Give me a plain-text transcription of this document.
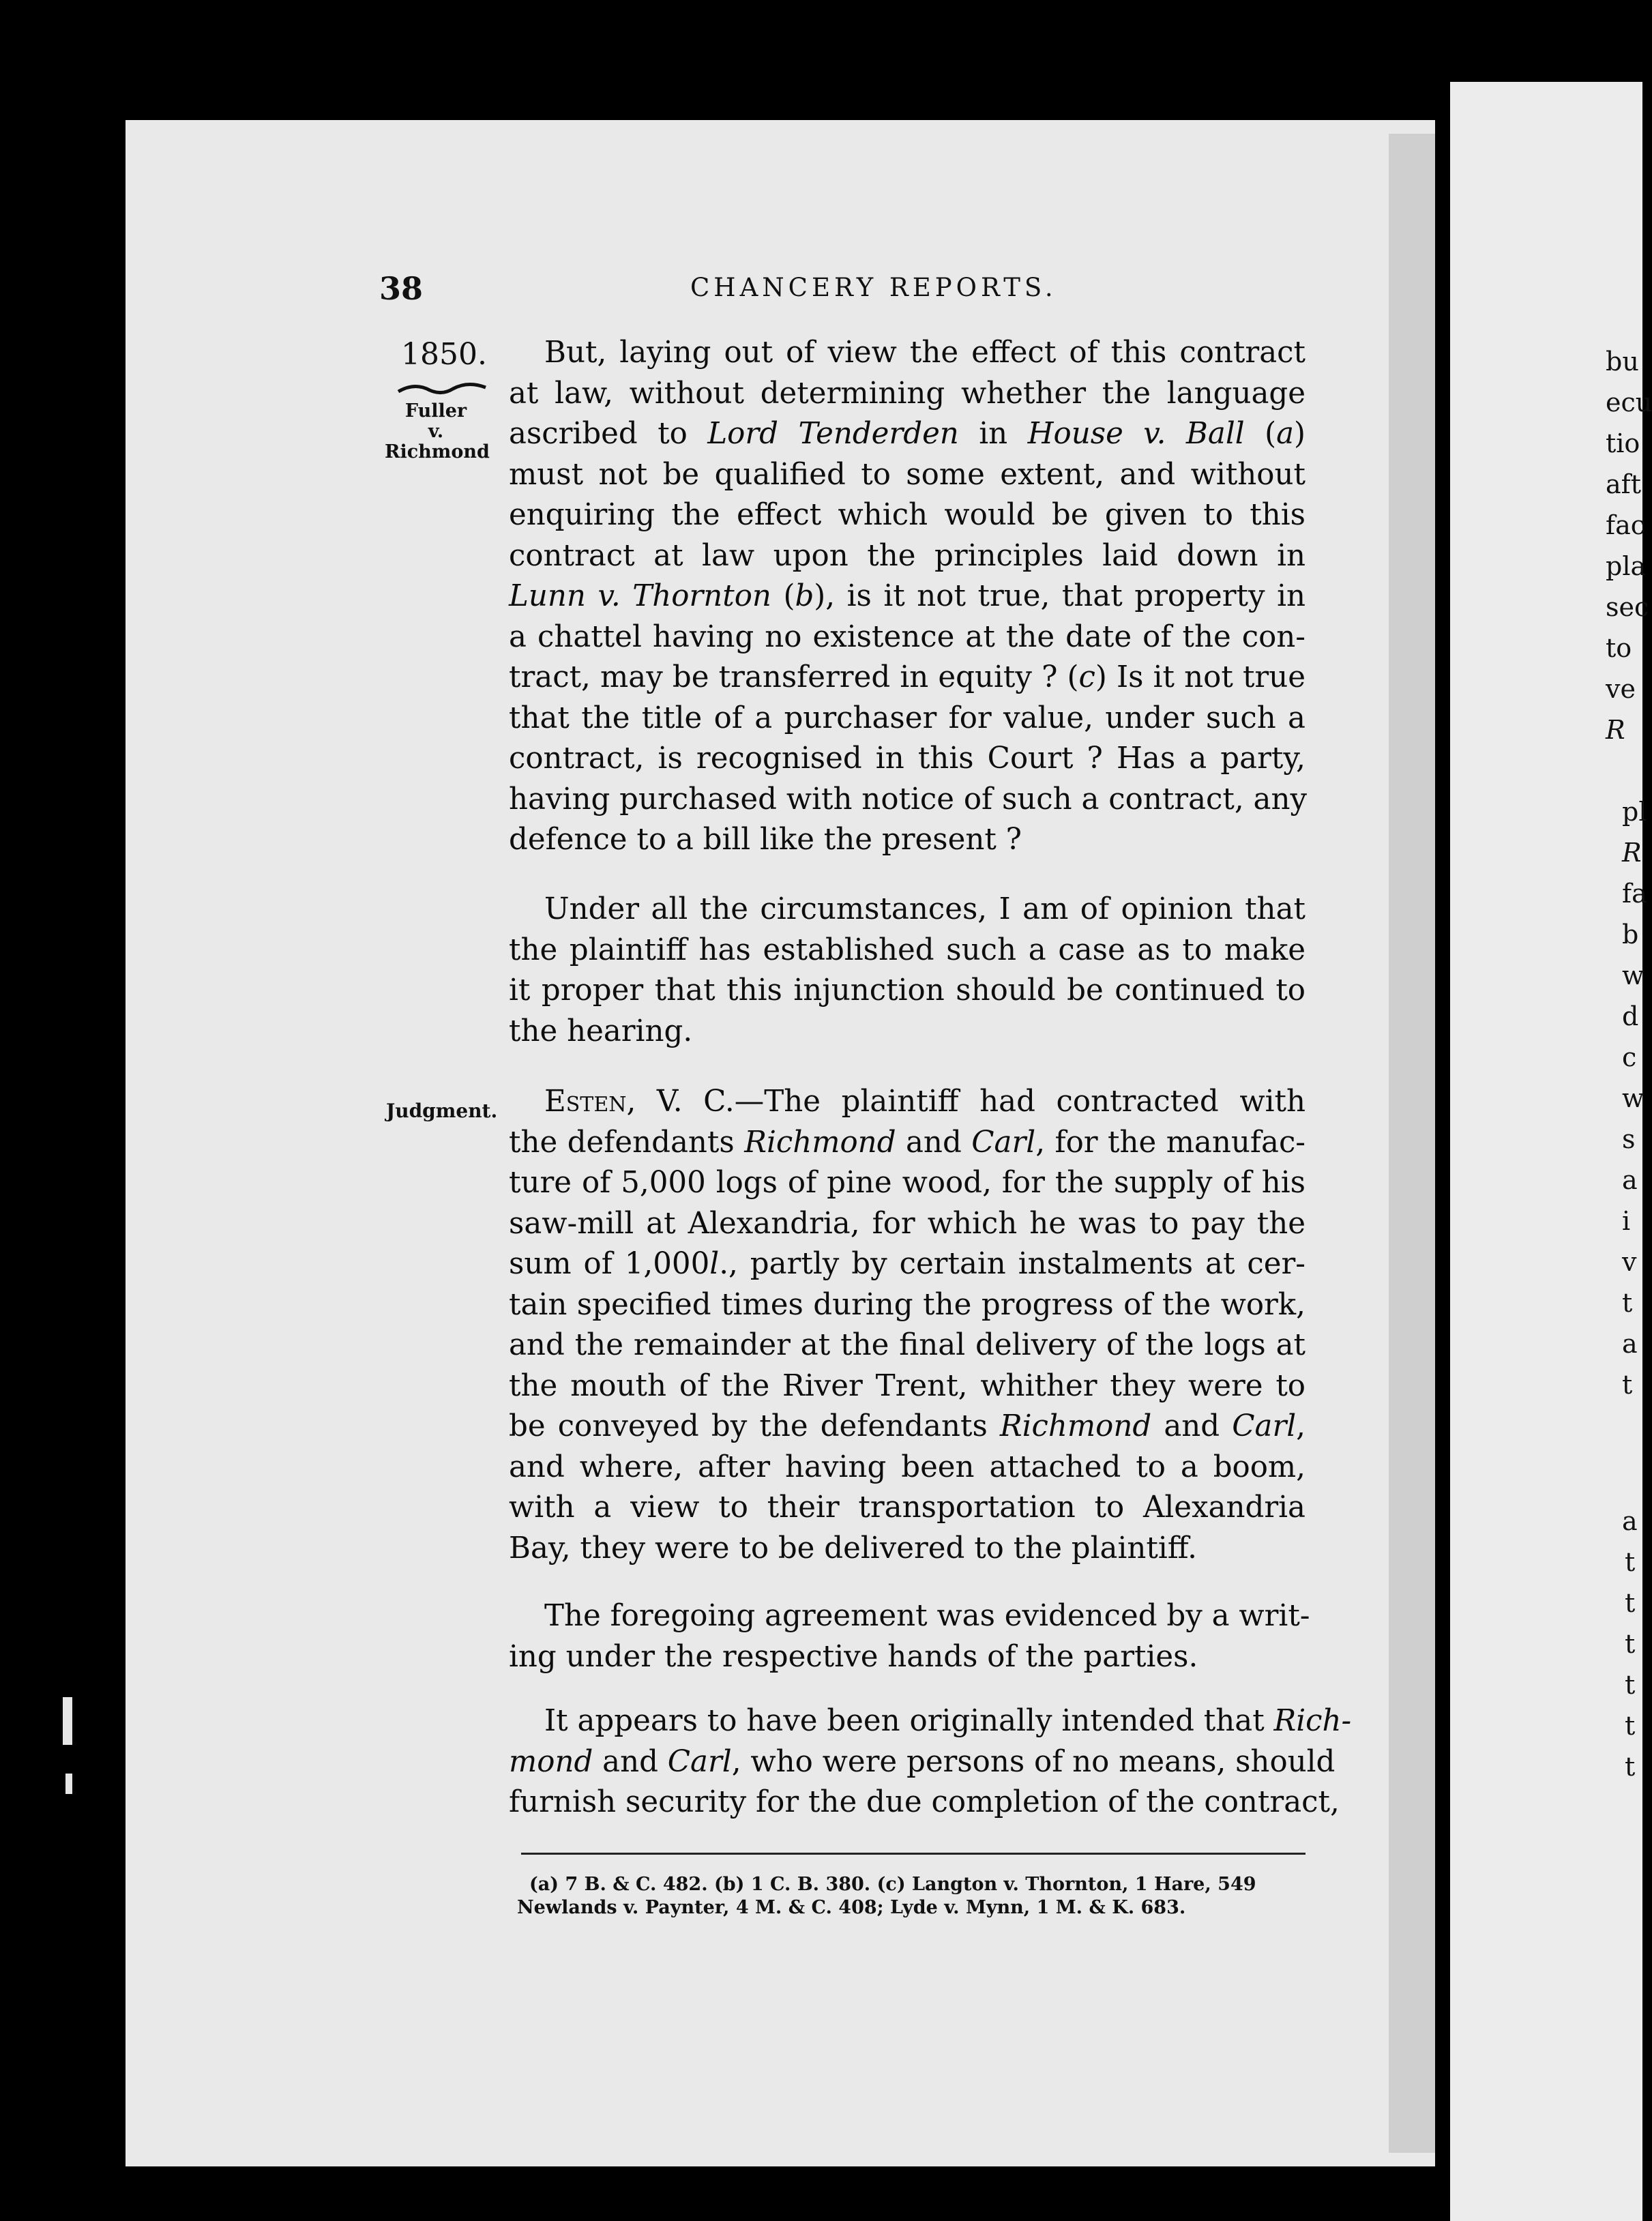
bu
ecu
tio
aft
fac
pla
sec
to
ve
R
pl
R
fa
b
w
d
c
w
s
a
i
v
t
a
t
a
t
t
t
t
t
t
38	CHANCERY REPORTS.
1850.
Fuller
v.
Richmond
Judgment.
But, laying out of view the effect of this contract
at law, without determining whether the language
ascribed to Lord Tenderden in House v. Ball (a)
must not be qualified to some extent, and without
enquiring the effect which would be given to this
contract at law upon the principles laid down in
Lunn v. Thornton (b), is it not true, that property in
a chattel having no existence at the date of the con-
tract, may be transferred in equity ? (c) Is it not true
that the title of a purchaser for value, under such a
contract, is recognised in this Court ? Has a party,
having purchased with notice of such a contract, any
defence to a bill like the present ?
Under all the circumstances, I am of opinion that
the plaintiff has established such a case as to make
it proper that this injunction should be continued to
the hearing.
Esten, V. C.—The plaintiff had contracted with
the defendants Richmond and Carl, for the manufac-
ture of 5,000 logs of pine wood, for the supply of his
saw-mill at Alexandria, for which he was to pay the
sum of 1,000l., partly by certain instalments at cer-
tain specified times during the progress of the work,
and the remainder at the final delivery of the logs at
the mouth of the River Trent, whither they were to
be conveyed by the defendants Richmond and Carl,
and where, after having been attached to a boom,
with a view to their transportation to Alexandria
Bay, they were to be delivered to the plaintiff.
The foregoing agreement was evidenced by a writ-
ing under the respective hands of the parties.
It appears to have been originally intended that Rich-
mond and Carl, who were persons of no means, should
furnish security for the due completion of the contract,
(a) 7 B. & C. 482. (b) 1 C. B. 380. (c) Langton v. Thornton, 1 Hare, 549
Newlands v. Paynter, 4 M. & C. 408; Lyde v. Mynn, 1 M. & K. 683.
